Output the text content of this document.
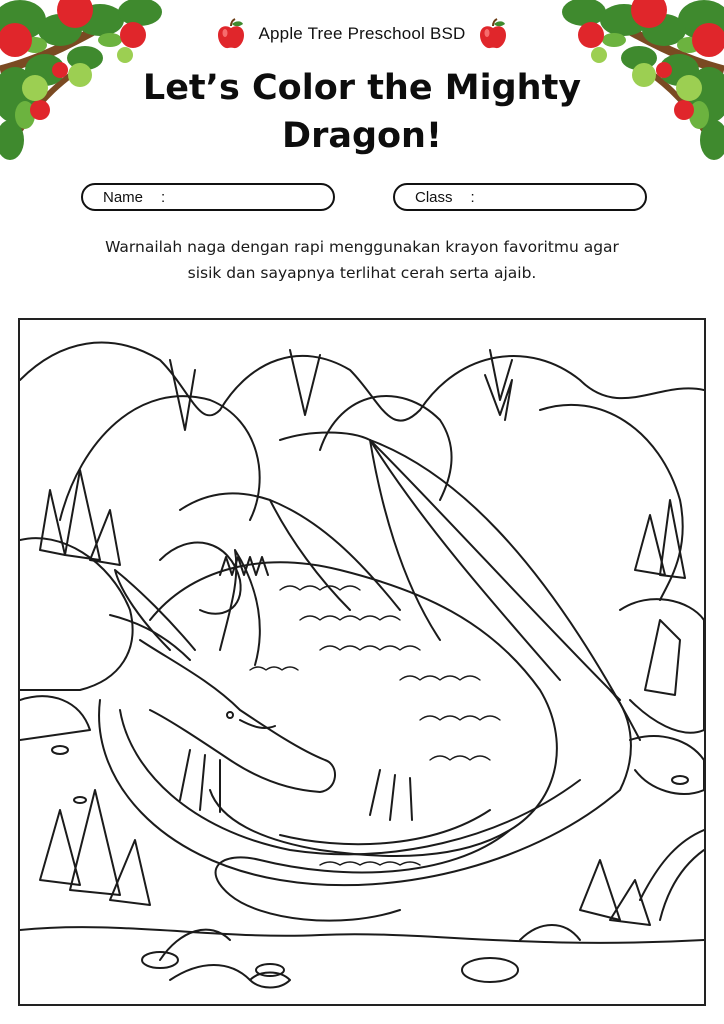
Apple Tree Preschool BSD
Let’s Color the Mighty
Dragon!
Name :	Class :

Warnailah naga dengan rapi menggunakan krayon favoritmu agar
sisik dan sayapnya terlihat cerah serta ajaib.
